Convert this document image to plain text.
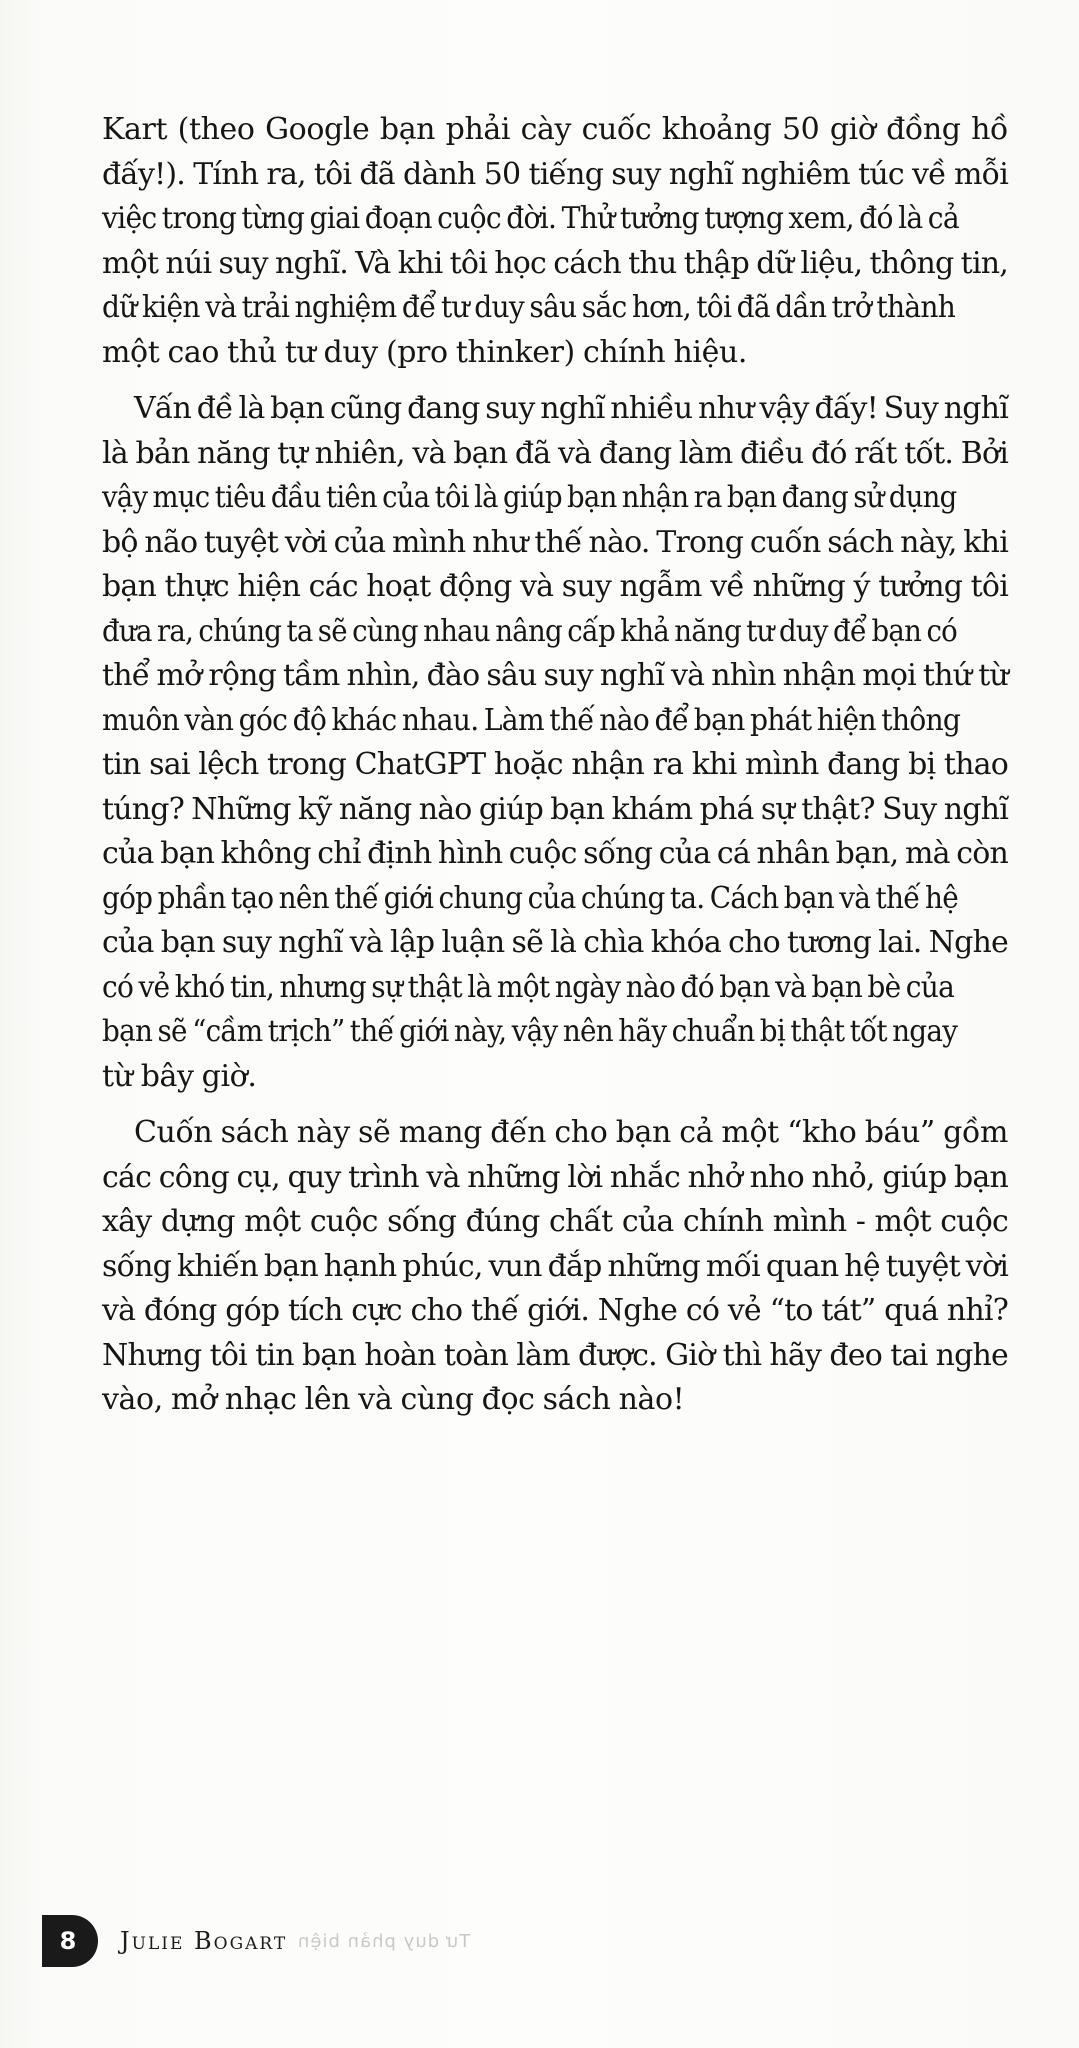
Kart (theo Google bạn phải cày cuốc khoảng 50 giờ đồng hồ
đấy!). Tính ra, tôi đã dành 50 tiếng suy nghĩ nghiêm túc về mỗi
việc trong từng giai đoạn cuộc đời. Thử tưởng tượng xem, đó là cả
một núi suy nghĩ. Và khi tôi học cách thu thập dữ liệu, thông tin,
dữ kiện và trải nghiệm để tư duy sâu sắc hơn, tôi đã dần trở thành
một cao thủ tư duy (pro thinker) chính hiệu.
Vấn đề là bạn cũng đang suy nghĩ nhiều như vậy đấy! Suy nghĩ
là bản năng tự nhiên, và bạn đã và đang làm điều đó rất tốt. Bởi
vậy mục tiêu đầu tiên của tôi là giúp bạn nhận ra bạn đang sử dụng
bộ não tuyệt vời của mình như thế nào. Trong cuốn sách này, khi
bạn thực hiện các hoạt động và suy ngẫm về những ý tưởng tôi
đưa ra, chúng ta sẽ cùng nhau nâng cấp khả năng tư duy để bạn có
thể mở rộng tầm nhìn, đào sâu suy nghĩ và nhìn nhận mọi thứ từ
muôn vàn góc độ khác nhau. Làm thế nào để bạn phát hiện thông
tin sai lệch trong ChatGPT hoặc nhận ra khi mình đang bị thao
túng? Những kỹ năng nào giúp bạn khám phá sự thật? Suy nghĩ
của bạn không chỉ định hình cuộc sống của cá nhân bạn, mà còn
góp phần tạo nên thế giới chung của chúng ta. Cách bạn và thế hệ
của bạn suy nghĩ và lập luận sẽ là chìa khóa cho tương lai. Nghe
có vẻ khó tin, nhưng sự thật là một ngày nào đó bạn và bạn bè của
bạn sẽ “cầm trịch” thế giới này, vậy nên hãy chuẩn bị thật tốt ngay
từ bây giờ.
Cuốn sách này sẽ mang đến cho bạn cả một “kho báu” gồm
các công cụ, quy trình và những lời nhắc nhở nho nhỏ, giúp bạn
xây dựng một cuộc sống đúng chất của chính mình - một cuộc
sống khiến bạn hạnh phúc, vun đắp những mối quan hệ tuyệt vời
và đóng góp tích cực cho thế giới. Nghe có vẻ “to tát” quá nhỉ?
Nhưng tôi tin bạn hoàn toàn làm được. Giờ thì hãy đeo tai nghe
vào, mở nhạc lên và cùng đọc sách nào!
8	Julie Bogart Tư duy phản biện
